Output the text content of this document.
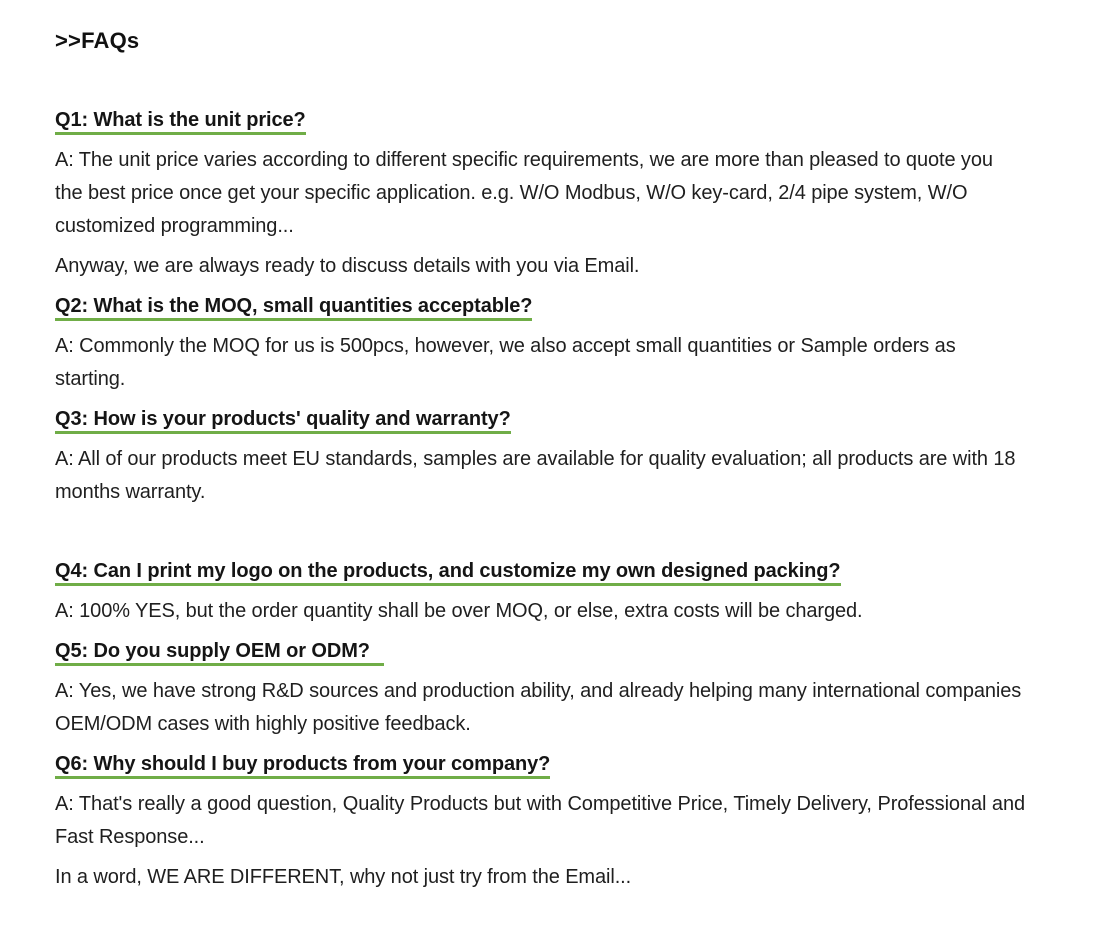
>>FAQs
Q1: What is the unit price?

A: The unit price varies according to different specific requirements, we are more than pleased to quote you the best price once get your specific application. e.g. W/O Modbus, W/O key-card, 2/4 pipe system, W/O customized programming...

Anyway, we are always ready to discuss details with you via Email.

Q2: What is the MOQ, small quantities acceptable?

A: Commonly the MOQ for us is 500pcs, however, we also accept small quantities or Sample orders as starting.

Q3: How is your products' quality and warranty?

A: All of our products meet EU standards, samples are available for quality evaluation; all products are with 18 months warranty.

Q4: Can I print my logo on the products, and customize my own designed packing?

A: 100% YES, but the order quantity shall be over MOQ, or else, extra costs will be charged.

Q5: Do you supply OEM or ODM?

A: Yes, we have strong R&D sources and production ability, and already helping many international companies OEM/ODM cases with highly positive feedback.

Q6: Why should I buy products from your company?

A: That's really a good question, Quality Products but with Competitive Price, Timely Delivery, Professional and Fast Response...

In a word, WE ARE DIFFERENT, why not just try from the Email...
